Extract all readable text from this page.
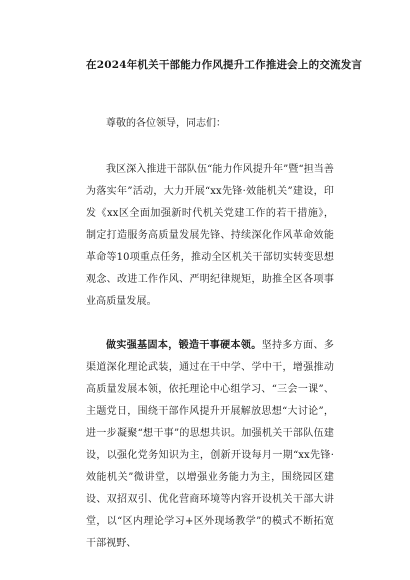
在2024年机关干部能力作风提升工作推进会上的交流发言

尊敬的各位领导，同志们：

我区深入推进干部队伍“能力作风提升年”暨“担当善为落实年”活动，大力开展“xx先锋·效能机关”建设，印发《xx区全面加强新时代机关党建工作的若干措施》，制定打造服务高质量发展先锋、持续深化作风革命效能革命等10项重点任务，推动全区机关干部切实转变思想观念、改进工作作风、严明纪律规矩，助推全区各项事业高质量发展。

做实强基固本，锻造干事硬本领。坚持多方面、多渠道深化理论武装，通过在干中学、学中干，增强推动高质量发展本领，依托理论中心组学习、“三会一课”、主题党日，围绕干部作风提升开展解放思想“大讨论”，进一步凝聚“想干事”的思想共识。加强机关干部队伍建设，以强化党务知识为主，创新开设每月一期“xx先锋·效能机关”微讲堂，以增强业务能力为主，围绕园区建设、双招双引、优化营商环境等内容开设机关干部大讲堂，以“区内理论学习+区外现场教学”的模式不断拓宽干部视野、
